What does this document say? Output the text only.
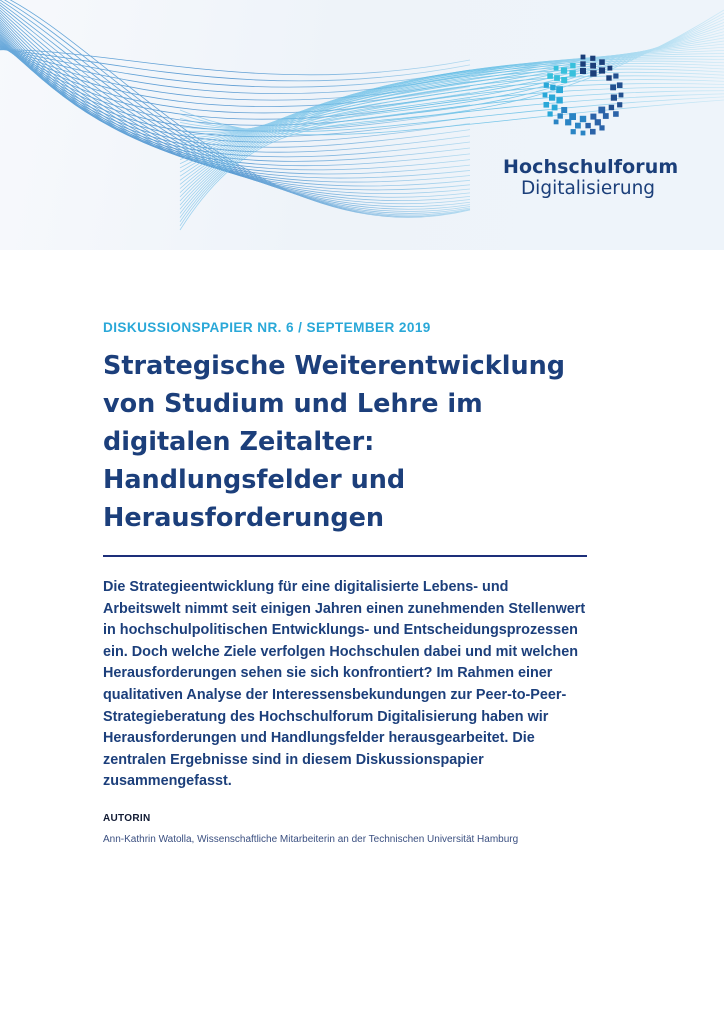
Hochschulforum
Digitalisierung
DISKUSSIONSPAPIER NR. 6 / SEPTEMBER 2019
Strategische Weiterentwicklung von Studium und Lehre im digitalen Zeitalter: Handlungsfelder und Herausforderungen

Die Strategieentwicklung für eine digitalisierte Lebens- und Arbeitswelt nimmt seit einigen Jahren einen zunehmenden Stellenwert in hochschulpolitischen Entwicklungs- und Entscheidungsprozessen ein. Doch welche Ziele verfolgen Hochschulen dabei und mit welchen Herausforderungen sehen sie sich konfrontiert? Im Rahmen einer qualitativen Analyse der Interessensbekundungen zur Peer-to-Peer-Strategieberatung des Hochschulforum Digitalisierung haben wir Herausforderungen und Handlungsfelder herausgearbeitet. Die zentralen Ergebnisse sind in diesem Diskussionspapier zusammengefasst.

AUTORIN

Ann-Kathrin Watolla, Wissenschaftliche Mitarbeiterin an der Technischen Universität Hamburg
